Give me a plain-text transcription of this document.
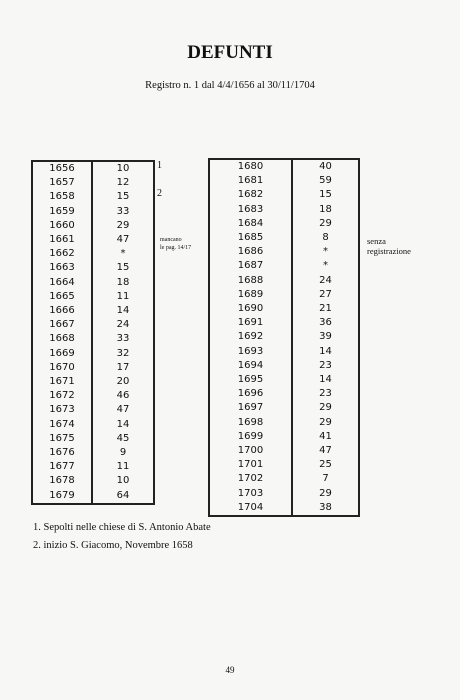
DEFUNTI
Registro n. 1 dal 4/4/1656 al 30/11/1704
1656	10
1657	12
1658	15
1659	33
1660	29
1661	47
1662	*
1663	15
1664	18
1665	11
1666	14
1667	24
1668	33
1669	32
1670	17
1671	20
1672	46
1673	47
1674	14
1675	45
1676	9
1677	11
1678	10
1679	64
1680	40
1681	59
1682	15
1683	18
1684	29
1685	8
1686	*
1687	*
1688	24
1689	27
1690	21
1691	36
1692	39
1693	14
1694	23
1695	14
1696	23
1697	29
1698	29
1699	41
1700	47
1701	25
1702	7
1703	29
1704	38
1
2
mancano
le pag. 14/17
senza
registrazione
1. Sepolti nelle chiese di S. Antonio Abate
2. inizio S. Giacomo, Novembre 1658
49
